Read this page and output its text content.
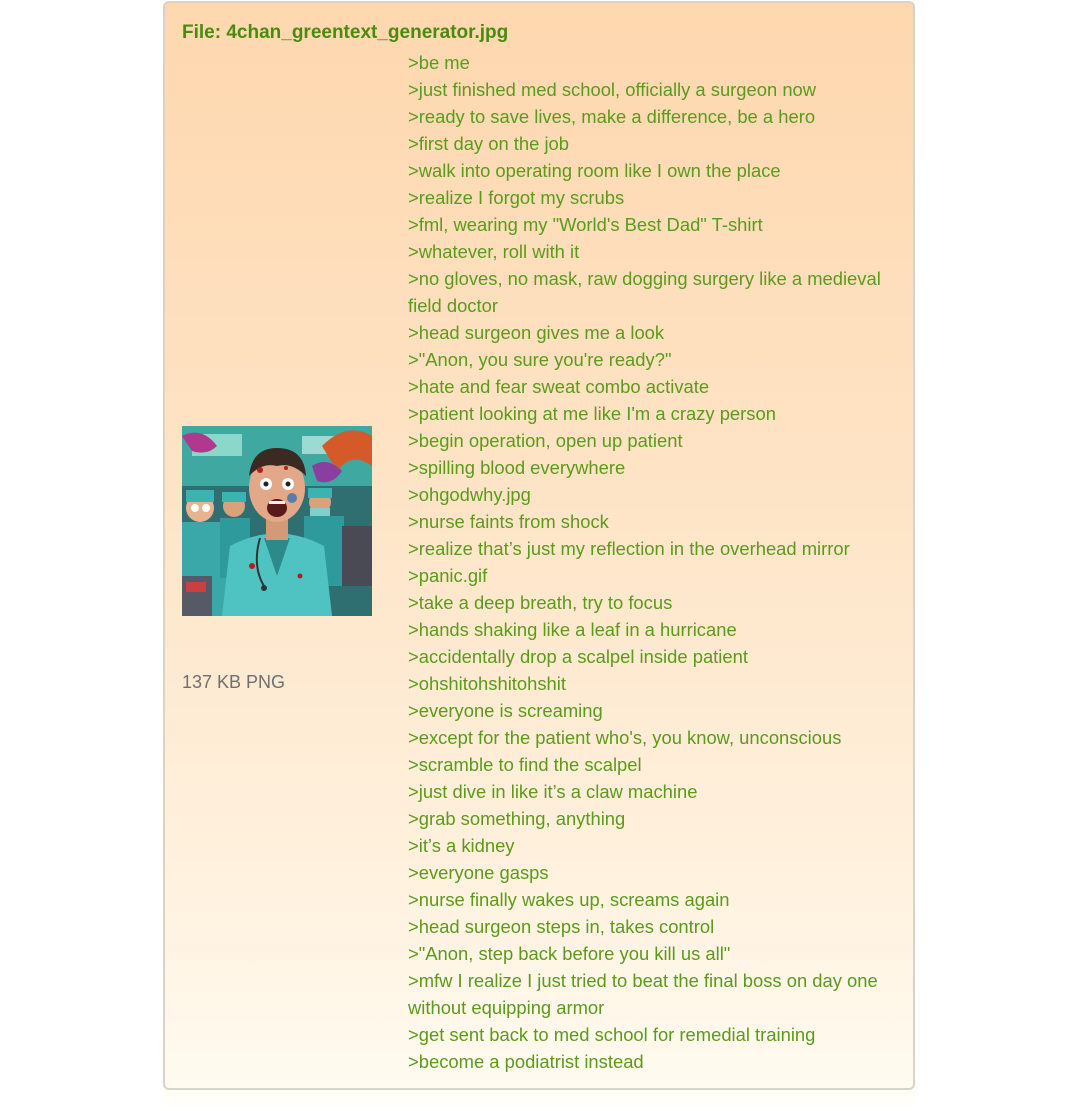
File: 4chan_greentext_generator.jpg
137 KB PNG
>be me
>just finished med school, officially a surgeon now
>ready to save lives, make a difference, be a hero
>first day on the job
>walk into operating room like I own the place
>realize I forgot my scrubs
>fml, wearing my "World's Best Dad" T-shirt
>whatever, roll with it
>no gloves, no mask, raw dogging surgery like a medieval
field doctor
>head surgeon gives me a look
>"Anon, you sure you're ready?"
>hate and fear sweat combo activate
>patient looking at me like I'm a crazy person
>begin operation, open up patient
>spilling blood everywhere
>ohgodwhy.jpg
>nurse faints from shock
>realize that’s just my reflection in the overhead mirror
>panic.gif
>take a deep breath, try to focus
>hands shaking like a leaf in a hurricane
>accidentally drop a scalpel inside patient
>ohshitohshitohshit
>everyone is screaming
>except for the patient who's, you know, unconscious
>scramble to find the scalpel
>just dive in like it’s a claw machine
>grab something, anything
>it’s a kidney
>everyone gasps
>nurse finally wakes up, screams again
>head surgeon steps in, takes control
>"Anon, step back before you kill us all"
>mfw I realize I just tried to beat the final boss on day one
without equipping armor
>get sent back to med school for remedial training
>become a podiatrist instead
